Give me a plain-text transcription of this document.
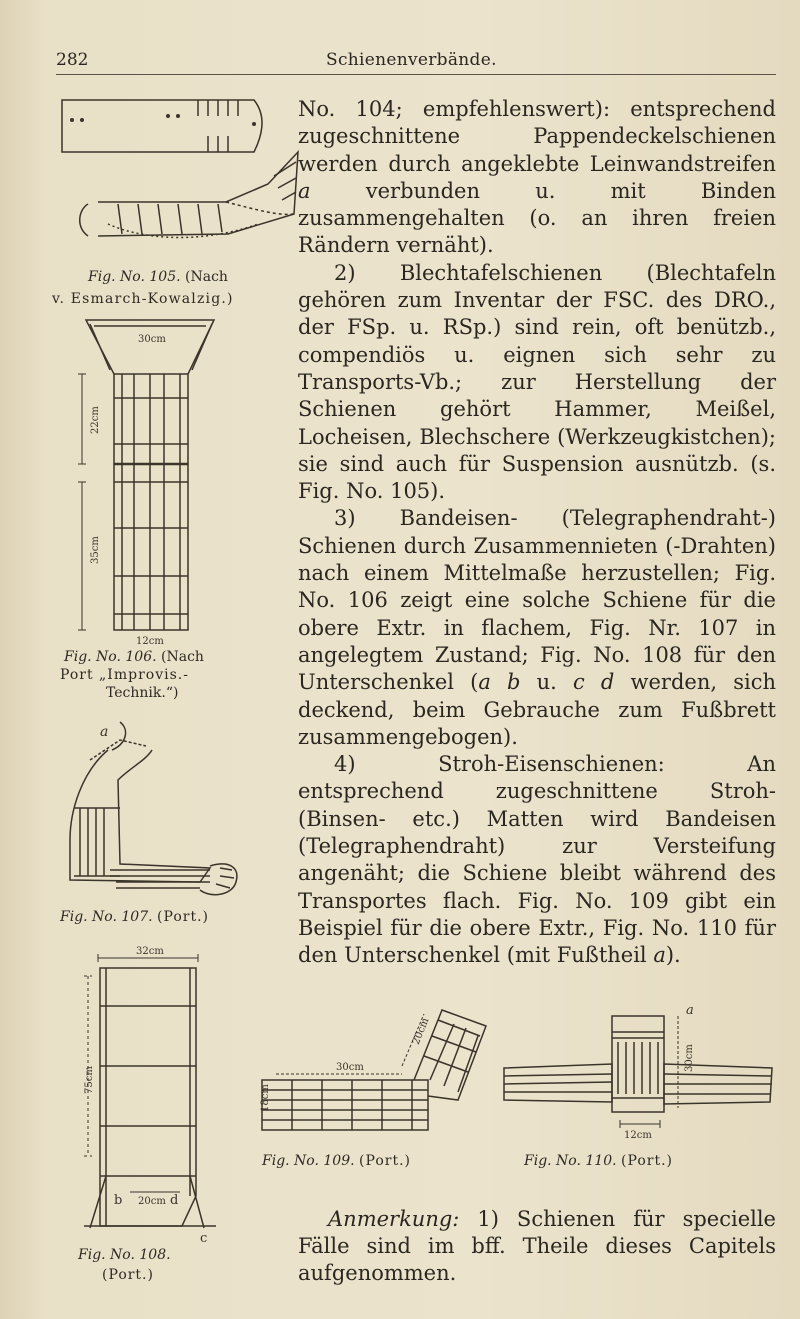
282	Schienenverbände.

No. 104; empfehlenswert): entsprechend zugeschnittene Pappendeckelschienen werden durch angeklebte Leinwandstreifen a verbunden u. mit Binden zusammengehalten (o. an ihren freien Rändern vernäht).

2) Blechtafelschienen (Blechtafeln gehören zum Inventar der FSC. des DRO., der FSp. u. RSp.) sind rein, oft benützb., compendiös u. eignen sich sehr zu Transports-Vb.; zur Herstellung der Schienen gehört Hammer, Meißel, Locheisen, Blechschere (Werkzeugkistchen); sie sind auch für Suspension ausnützb. (s. Fig. No. 105).

3) Bandeisen- (Telegraphendraht-) Schienen durch Zusammennieten (-Drahten) nach einem Mittelmaße herzustellen; Fig. No. 106 zeigt eine solche Schiene für die obere Extr. in flachem, Fig. Nr. 107 in angelegtem Zustand; Fig. No. 108 für den Unterschenkel (a b u. c d werden, sich deckend, beim Gebrauche zum Fußbrett zusammengebogen).

4) Stroh-Eisenschienen: An entsprechend zugeschnittene Stroh- (Binsen- etc.) Matten wird Bandeisen (Telegraphendraht) zur Versteifung angenäht; die Schiene bleibt während des Transportes flach. Fig. No. 109 gibt ein Beispiel für die obere Extr., Fig. No. 110 für den Unterschenkel (mit Fußtheil a).

Fig. No. 105. (Nach
v. Esmarch-Kowalzig.)
30cm
22cm
35cm
12cm
Fig. No. 106. (Nach
Port „Improvis.-
Technik.“)
a
Fig. No. 107. (Port.)
32cm
75cm
20cm
b	d
c
Fig. No. 108.
(Port.)
30cm
20cm
18cm
Fig. No. 109. (Port.)
a
12cm
30cm
Fig. No. 110. (Port.)
Anmerkung: 1) Schienen für specielle Fälle sind im bff. Theile dieses Capitels aufgenommen.
